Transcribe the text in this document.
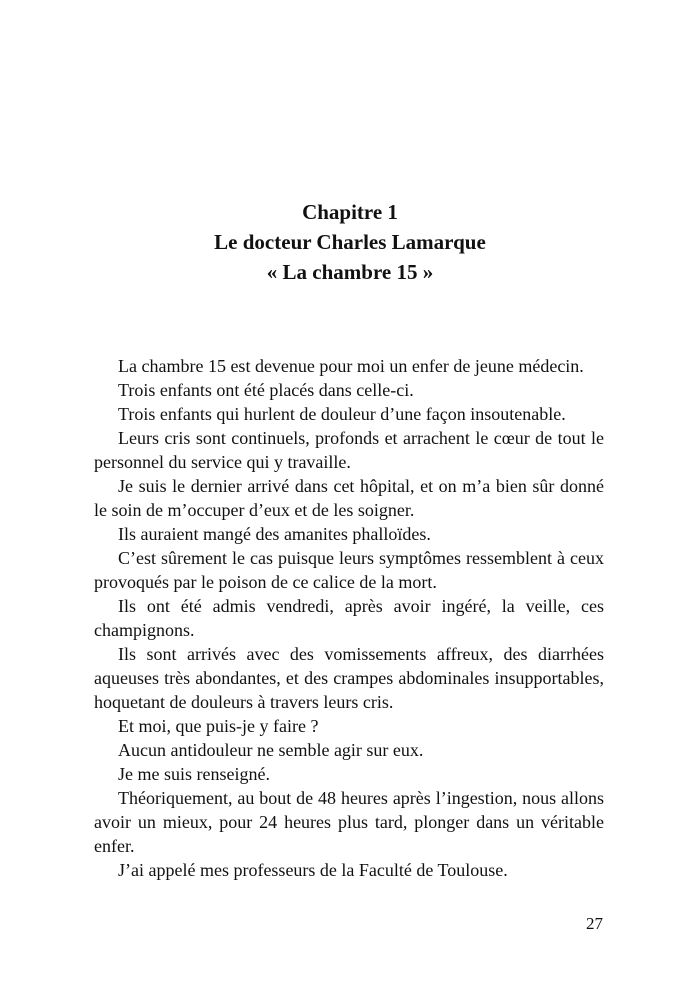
Chapitre 1
Le docteur Charles Lamarque
« La chambre 15 »

La chambre 15 est devenue pour moi un enfer de jeune médecin.

Trois enfants ont été placés dans celle-ci.

Trois enfants qui hurlent de douleur d’une façon insoutenable.

Leurs cris sont continuels, profonds et arrachent le cœur de tout le personnel du service qui y travaille.

Je suis le dernier arrivé dans cet hôpital, et on m’a bien sûr donné le soin de m’occuper d’eux et de les soigner.

Ils auraient mangé des amanites phalloïdes.

C’est sûrement le cas puisque leurs symptômes ressemblent à ceux provoqués par le poison de ce calice de la mort.

Ils ont été admis vendredi, après avoir ingéré, la veille, ces champignons.

Ils sont arrivés avec des vomissements affreux, des diarrhées aqueuses très abondantes, et des crampes abdominales insupportables, hoquetant de douleurs à travers leurs cris.

Et moi, que puis-je y faire ?

Aucun antidouleur ne semble agir sur eux.

Je me suis renseigné.

Théoriquement, au bout de 48 heures après l’ingestion, nous allons avoir un mieux, pour 24 heures plus tard, plonger dans un véritable enfer.

J’ai appelé mes professeurs de la Faculté de Toulouse.

27
